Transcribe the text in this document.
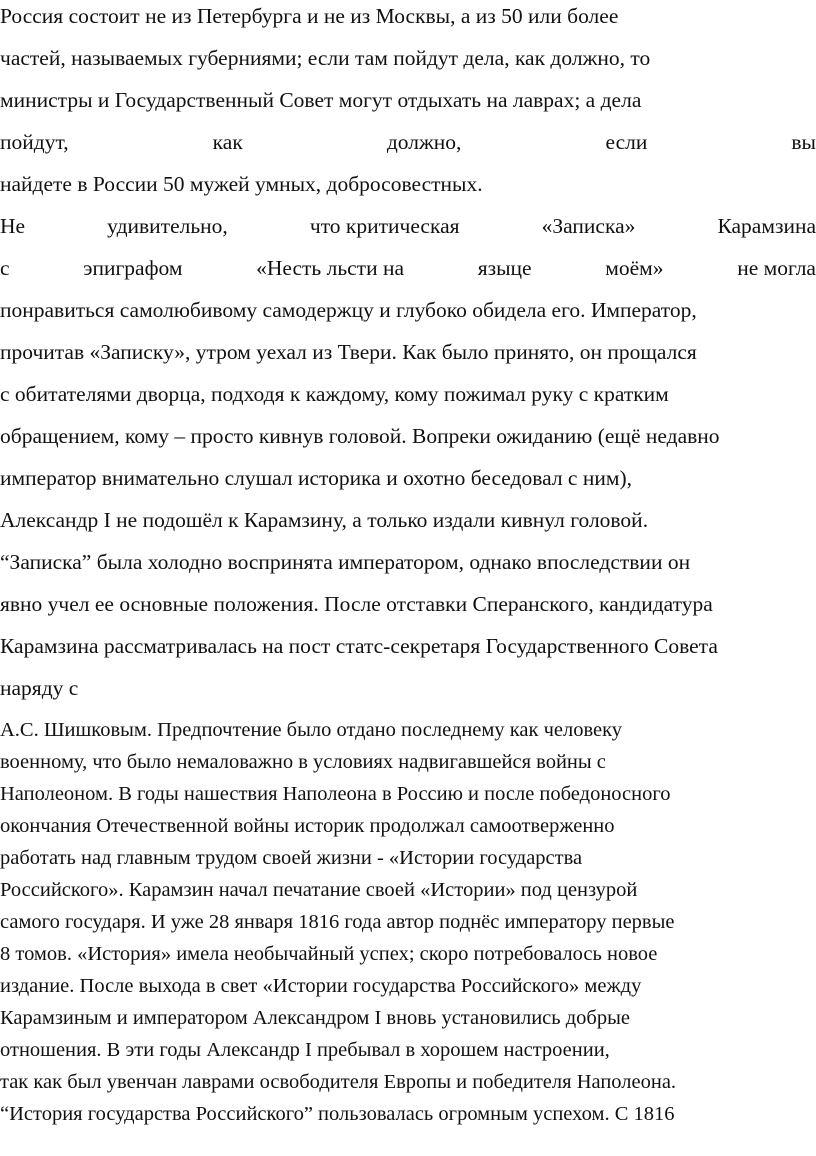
Россия состоит не из Петербурга и не из Москвы, а из 50 или более
частей, называемых губерниями; если там пойдут дела, как должно, то
министры и Государственный Совет могут отдыхать на лаврах; а дела
пойдут,	как	должно,	если	вы
найдете в России 50 мужей умных, добросовестных.
Не	удивительно,	что критическая	«Записка»	Карамзина
с	эпиграфом	«Несть льсти на	языце	моём»	не могла
понравиться самолюбивому самодержцу и глубоко обидела его. Император,
прочитав «Записку», утром уехал из Твери. Как было принято, он прощался
с обитателями дворца, подходя к каждому, кому пожимал руку с кратким
обращением, кому – просто кивнув головой. Вопреки ожиданию (ещё недавно
император внимательно слушал историка и охотно беседовал с ним),
Александр I не подошёл к Карамзину, а только издали кивнул головой.
“Записка” была холодно воспринята императором, однако впоследствии он
явно учел ее основные положения. После отставки Сперанского, кандидатура
Карамзина рассматривалась на пост статс-секретаря Государственного Совета
наряду с
А.С. Шишковым. Предпочтение было отдано последнему как человеку
военному, что было немаловажно в условиях надвигавшейся войны с
Наполеоном. В годы нашествия Наполеона в Россию и после победоносного
окончания Отечественной войны историк продолжал самоотверженно
работать над главным трудом своей жизни - «Истории государства
Российского». Карамзин начал печатание своей «Истории» под цензурой
самого государя. И уже 28 января 1816 года автор поднёс императору первые
8 томов. «История» имела необычайный успех; скоро потребовалось новое
издание. После выхода в свет «Истории государства Российского» между
Карамзиным и императором Александром I вновь установились добрые
отношения. В эти годы Александр I пребывал в хорошем настроении,
так как был увенчан лаврами освободителя Европы и победителя Наполеона.
“История государства Российского” пользовалась огромным успехом. С 1816
